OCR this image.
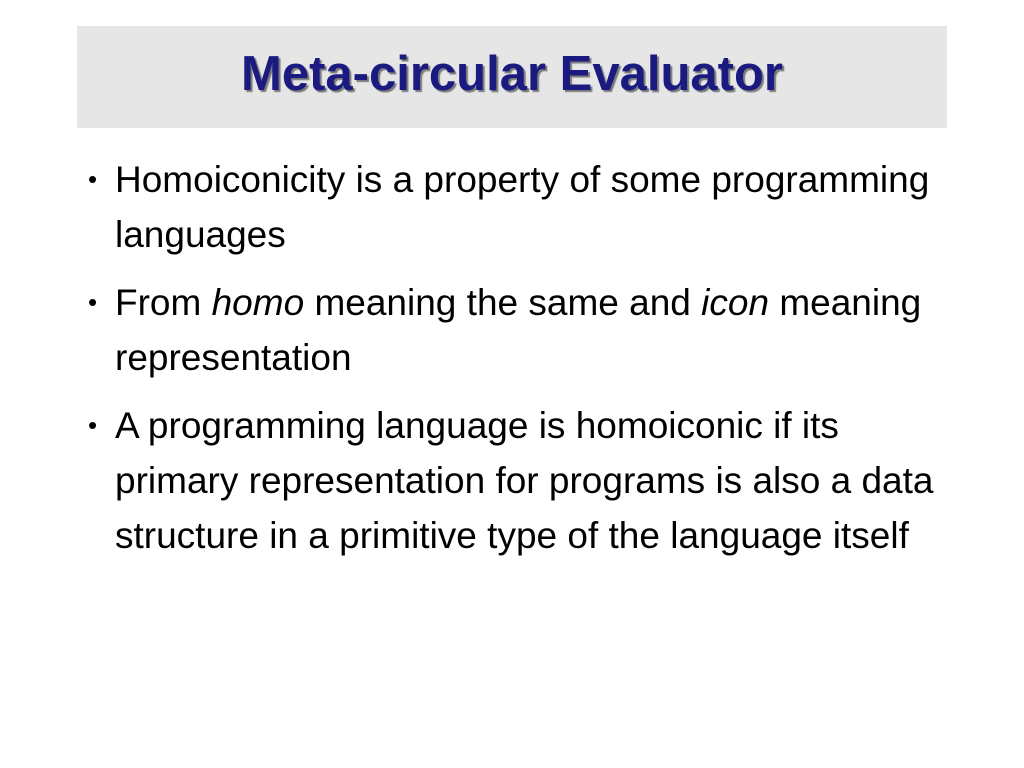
Meta-circular Evaluator
• Homoiconicity is a property of some programming languages
• From homo meaning the same and icon meaning representation
• A programming language is homoiconic if its primary representation for programs is also a data structure in a primitive type of the language itself
